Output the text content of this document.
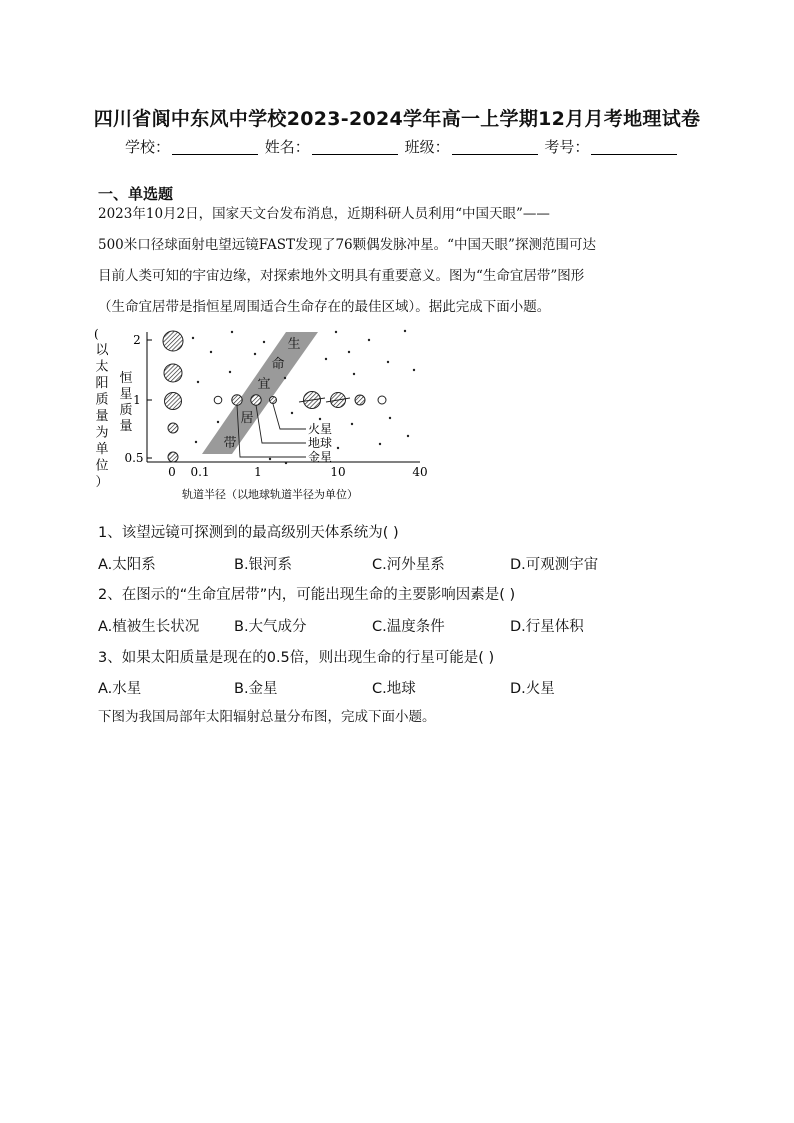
四川省阆中东风中学校2023-2024学年高一上学期12月月考地理试卷
学校：	姓名：	班级：	考号：
一、单选题
2023年10月2日，国家天文台发布消息，近期科研人员利用“中国天眼”——
500米口径球面射电望远镜FAST发现了76颗偶发脉冲星。“中国天眼”探测范围可达
目前人类可知的宇宙边缘，对探索地外文明具有重要意义。图为“生命宜居带”图形
（生命宜居带是指恒星周围适合生命存在的最佳区域）。据此完成下面小题。
(
以
太
阳
质
量
为
单
位
）
恒
星
质
量
2
1
0.5
0 0.1	1	10	40
轨道半径（以地球轨道半径为单位）
生
命
宜
居
带
火星
地球
金星
1、该望远镜可探测到的最高级别天体系统为( )
A.太阳系	B.银河系	C.河外星系	D.可观测宇宙
2、在图示的“生命宜居带”内，可能出现生命的主要影响因素是( )
A.植被生长状况 B.大气成分	C.温度条件	D.行星体积
3、如果太阳质量是现在的0.5倍，则出现生命的行星可能是( )
A.水星	B.金星	C.地球	D.火星
下图为我国局部年太阳辐射总量分布图，完成下面小题。
